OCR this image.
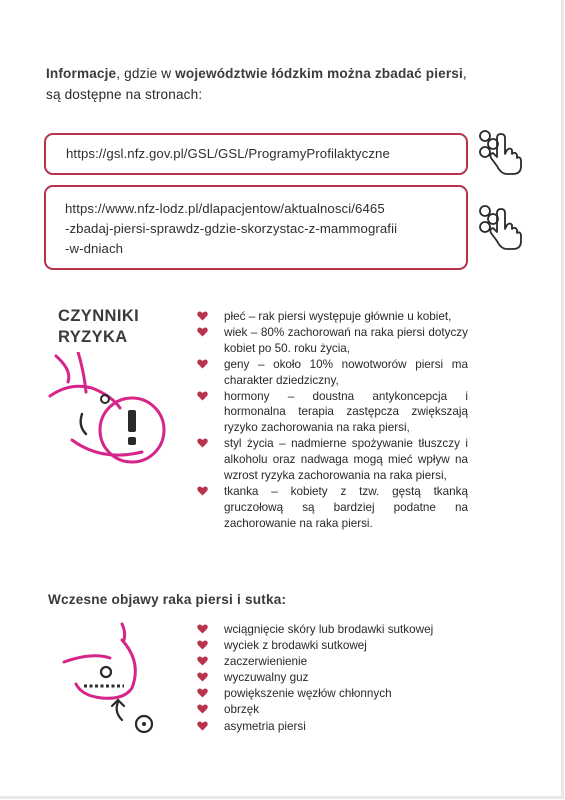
Informacje, gdzie w województwie łódzkim można zbadać piersi,
są dostępne na stronach:
https://gsl.nfz.gov.pl/GSL/GSL/ProgramyProfilaktyczne
https://www.nfz-lodz.pl/dlapacjentow/aktualnosci/6465
-zbadaj-piersi-sprawdz-gdzie-skorzystac-z-mammografii
-w-dniach
CZYNNIKI
RYZYKA
płeć – rak piersi występuje głównie u kobiet,
wiek – 80% zachorowań na raka piersi dotyczy kobiet po 50. roku życia,
geny – około 10% nowotworów piersi ma charakter dziedziczny,
hormony – doustna antykoncepcja i hormonalna terapia zastępcza zwiększają ryzyko zachorowania na raka piersi,
styl życia – nadmierne spożywanie tłuszczy i alkoholu oraz nadwaga mogą mieć wpływ na wzrost ryzyka zachorowania na raka piersi,
tkanka – kobiety z tzw. gęstą tkanką gruczołową są bardziej podatne na zachorowanie na raka piersi.
Wczesne objawy raka piersi i sutka:
wciągnięcie skóry lub brodawki sutkowej
wyciek z brodawki sutkowej
zaczerwienienie
wyczuwalny guz
powiększenie węzłów chłonnych
obrzęk
asymetria piersi
